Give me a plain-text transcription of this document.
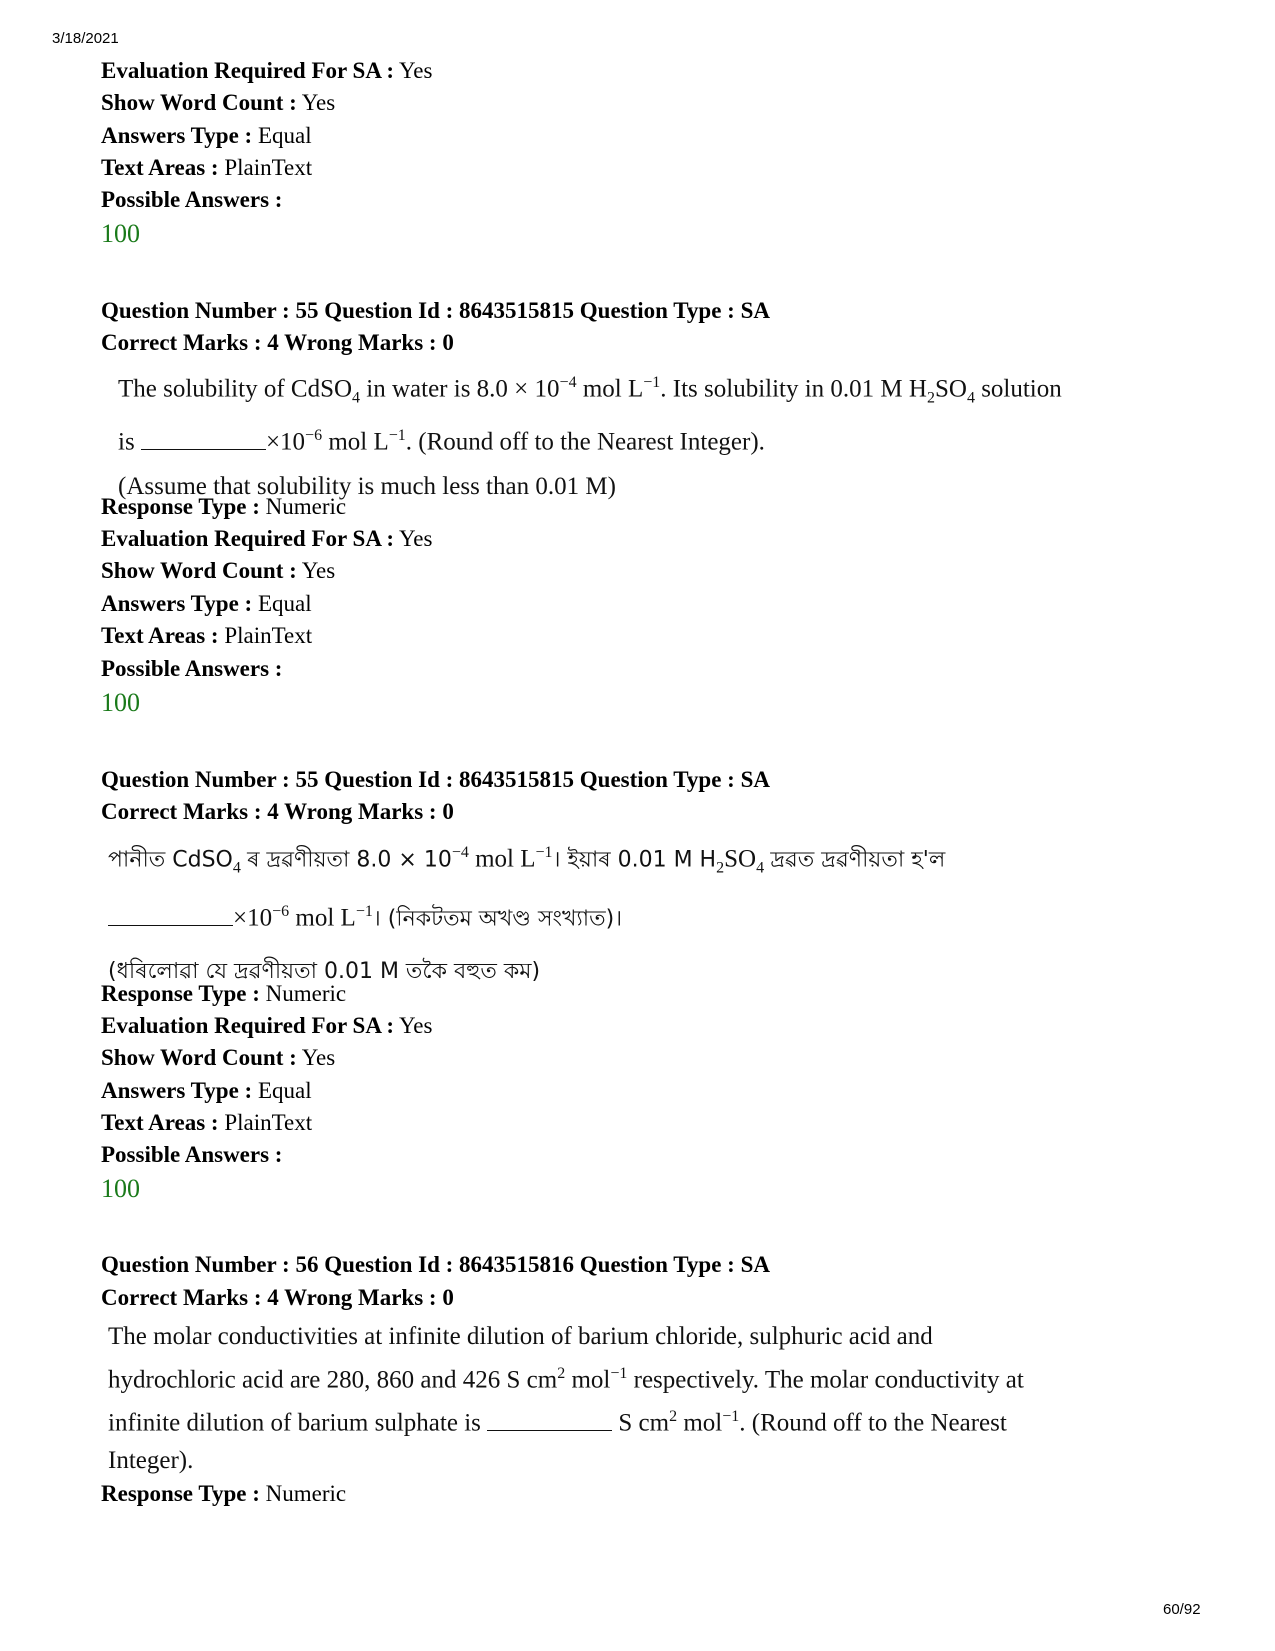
3/18/2021
Evaluation Required For SA : Yes
Show Word Count : Yes
Answers Type : Equal
Text Areas : PlainText
Possible Answers :
100
Question Number : 55 Question Id : 8643515815 Question Type : SA
Correct Marks : 4 Wrong Marks : 0
The solubility of CdSO$_4$ in water is $8.0 \times 10^{-4}$ mol $L^{-1}$. Its solubility in 0.01 M $H_2SO_4$ solution
is	$\times 10^{-6}$ mol $L^{-1}$. (Round off to the Nearest Integer).
(Assume that solubility is much less than 0.01 M)
Response Type : Numeric
Evaluation Required For SA : Yes
Show Word Count : Yes
Answers Type : Equal
Text Areas : PlainText
Possible Answers :
100
Question Number : 55 Question Id : 8643515815 Question Type : SA
Correct Marks : 4 Wrong Marks : 0
পানীত CdSO$_4$ ৰ দ্ৰৱণীয়তা $8.0 \times 10^{-4}$ mol $L^{-1}।$ ইয়াৰ 0.01 M $H_2SO_4$ দ্ৰৱত দ্ৰৱণীয়তা হ'ল
$\times 10^{-6}$ mol $L^{-1}।$ (নিকটতম অখণ্ড সংখ্যাত)।
(ধৰিলোৱা যে দ্ৰৱণীয়তা 0.01 M তকৈ বহুত কম)
Response Type : Numeric
Evaluation Required For SA : Yes
Show Word Count : Yes
Answers Type : Equal
Text Areas : PlainText
Possible Answers :
100
Question Number : 56 Question Id : 8643515816 Question Type : SA
Correct Marks : 4 Wrong Marks : 0
The molar conductivities at infinite dilution of barium chloride, sulphuric acid and
hydrochloric acid are 280, 860 and 426 S $cm^2$ mol$^{-1}$ respectively. The molar conductivity at
infinite dilution of barium sulphate is	S $cm^2$ mol$^{-1}$. (Round off to the Nearest
Integer).
Response Type : Numeric
60/92
